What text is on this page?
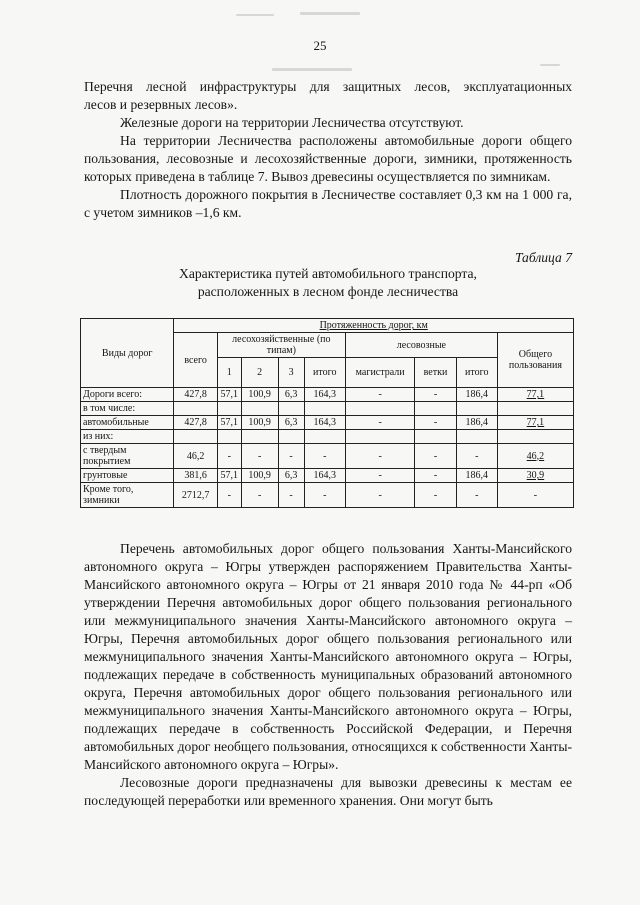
25

Перечня лесной инфраструктуры для защитных лесов, эксплуатационных

лесов и резервных лесов».

Железные дороги на территории Лесничества отсутствуют.

На территории Лесничества расположены автомобильные дороги общего пользования, лесовозные и лесохозяйственные дороги, зимники, протяженность которых приведена в таблице 7. Вывоз древесины осуществляется по зимникам.

Плотность дорожного покрытия в Лесничестве составляет 0,3 км на 1 000 га, с учетом зимников –1,6 км.

Таблица 7
Характеристика путей автомобильного транспорта,
расположенных в лесном фонде лесничества
Виды дорог	Протяженность дорог, км								
	всего	лесохозяйственные (по типам)				лесовозные			Общего пользования
		1	2	3	итого	магистрали	ветки	итого	
Дороги всего:	427,8	57,1	100,9	6,3	164,3	-	-	186,4	77,1
в том числе:									
автомобильные	427,8	57,1	100,9	6,3	164,3	-	-	186,4	77,1
из них:									
с твердым покрытием	46,2	-	-	-	-	-	-	-	46,2
грунтовые	381,6	57,1	100,9	6,3	164,3	-	-	186,4	30,9
Кроме того, зимники	2712,7	-	-	-	-	-	-	-	-

Перечень автомобильных дорог общего пользования Ханты-Мансийского автономного округа – Югры утвержден распоряжением Правительства Ханты-Мансийского автономного округа – Югры от 21 января 2010 года № 44-рп «Об утверждении Перечня автомобильных дорог общего пользования регионального или межмуниципального значения Ханты-Мансийского автономного округа – Югры, Перечня автомобильных дорог общего пользования регионального или межмуниципального значения Ханты-Мансийского автономного округа – Югры, подлежащих передаче в собственность муниципальных образований автономного округа, Перечня автомобильных дорог общего пользования регионального или межмуниципального значения Ханты-Мансийского автономного округа – Югры, подлежащих передаче в собственность Российской Федерации, и Перечня автомобильных дорог необщего пользования, относящихся к собственности Ханты-Мансийского автономного округа – Югры».

Лесовозные дороги предназначены для вывозки древесины к местам ее последующей переработки или временного хранения. Они могут быть
